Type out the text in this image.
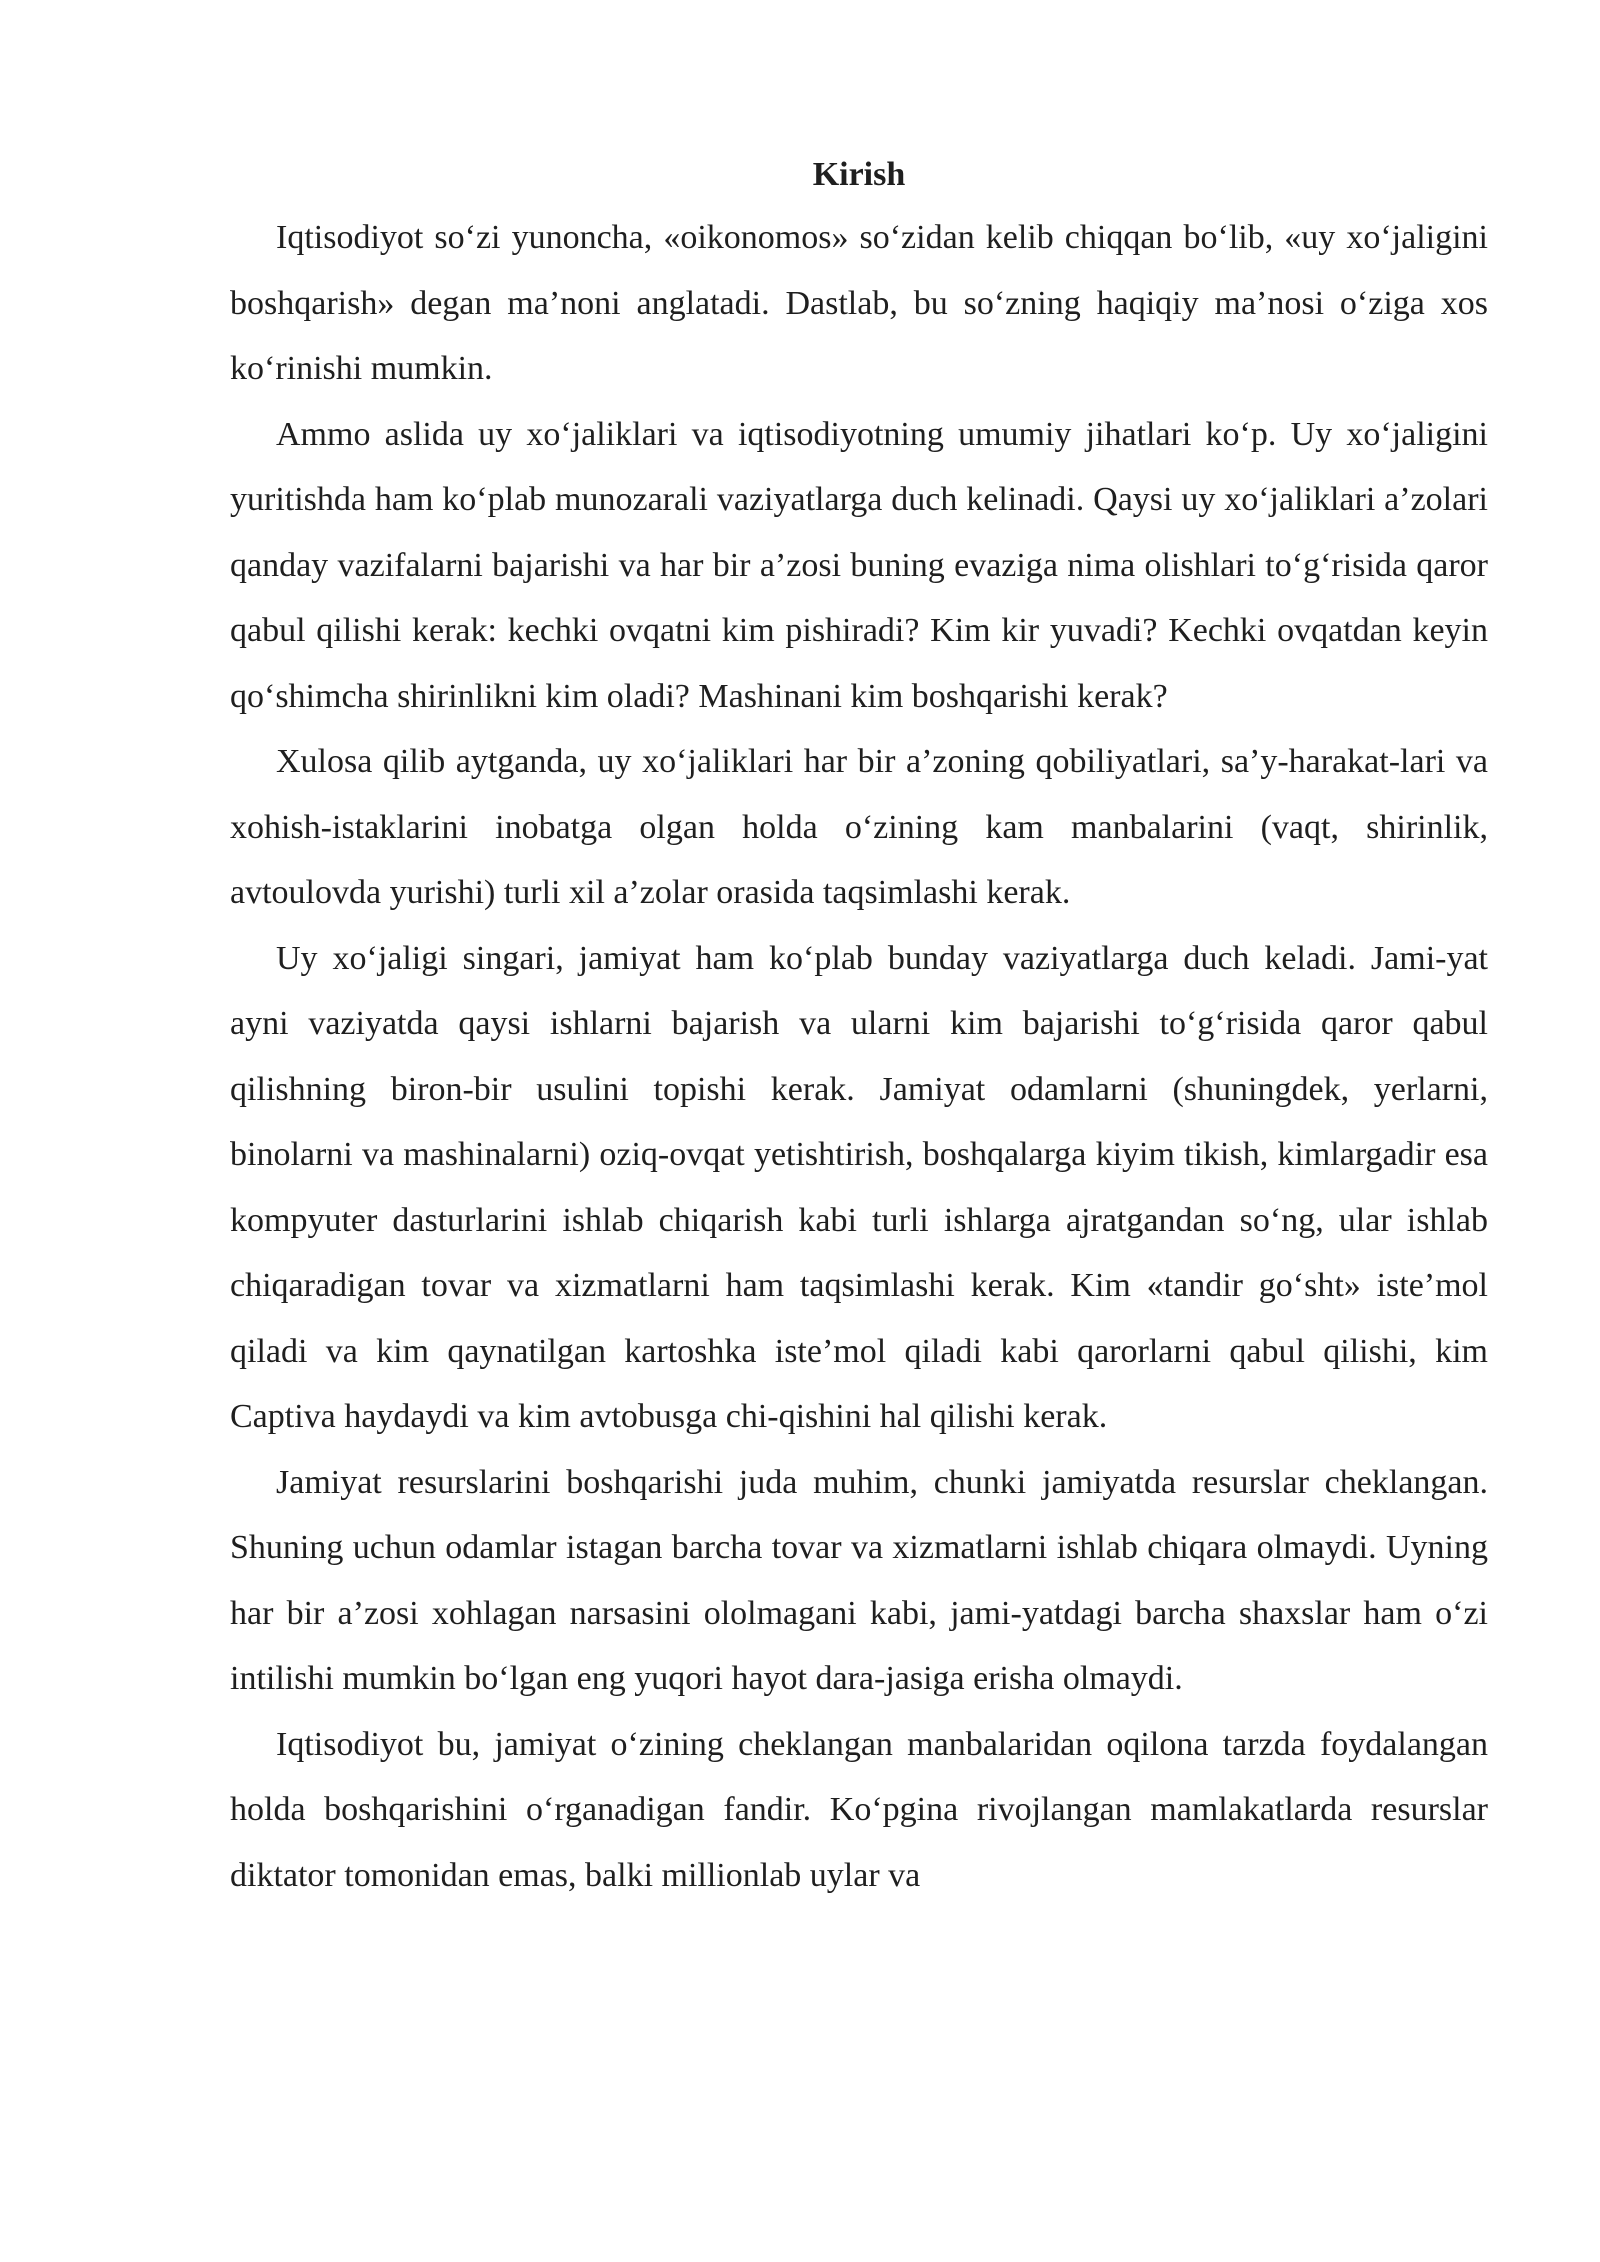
Kirish

Iqtisodiyot so‘zi yunoncha, «oikonomos» so‘zidan kelib chiqqan bo‘lib, «uy xo‘jaligini boshqarish» degan ma’noni anglatadi. Dastlab, bu so‘zning haqiqiy ma’nosi o‘ziga xos ko‘rinishi mumkin.

Ammo aslida uy xo‘jaliklari va iqtisodiyotning umumiy jihatlari ko‘p. Uy xo‘jaligini yuritishda ham ko‘plab munozarali vaziyatlarga duch kelinadi. Qaysi uy xo‘jaliklari a’zolari qanday vazifalarni bajarishi va har bir a’zosi buning evaziga nima olishlari to‘g‘risida qaror qabul qilishi kerak: kechki ovqatni kim pishiradi? Kim kir yuvadi? Kechki ovqatdan keyin qo‘shimcha shirinlikni kim oladi? Mashinani kim boshqarishi kerak?

Xulosa qilib aytganda, uy xo‘jaliklari har bir a’zoning qobiliyatlari, sa’y-harakat-lari va xohish-istaklarini inobatga olgan holda o‘zining kam manbalarini (vaqt, shirinlik, avtoulovda yurishi) turli xil a’zolar orasida taqsimlashi kerak.

Uy xo‘jaligi singari, jamiyat ham ko‘plab bunday vaziyatlarga duch keladi. Jami-yat ayni vaziyatda qaysi ishlarni bajarish va ularni kim bajarishi to‘g‘risida qaror qabul qilishning biron-bir usulini topishi kerak. Jamiyat odamlarni (shuningdek, yerlarni, binolarni va mashinalarni) oziq-ovqat yetishtirish, boshqalarga kiyim tikish, kimlargadir esa kompyuter dasturlarini ishlab chiqarish kabi turli ishlarga ajratgandan so‘ng, ular ishlab chiqaradigan tovar va xizmatlarni ham taqsimlashi kerak. Kim «tandir go‘sht» iste’mol qiladi va kim qaynatilgan kartoshka iste’mol qiladi kabi qarorlarni qabul qilishi, kim Captiva haydaydi va kim avtobusga chi-qishini hal qilishi kerak.

Jamiyat resurslarini boshqarishi juda muhim, chunki jamiyatda resurslar cheklangan. Shuning uchun odamlar istagan barcha tovar va xizmatlarni ishlab chiqara olmaydi. Uyning har bir a’zosi xohlagan narsasini ololmagani kabi, jami-yatdagi barcha shaxslar ham o‘zi intilishi mumkin bo‘lgan eng yuqori hayot dara-jasiga erisha olmaydi.

Iqtisodiyot bu, jamiyat o‘zining cheklangan manbalaridan oqilona tarzda foydalangan holda boshqarishini o‘rganadigan fandir. Ko‘pgina rivojlangan mamlakatlarda resurslar diktator tomonidan emas, balki millionlab uylar va
